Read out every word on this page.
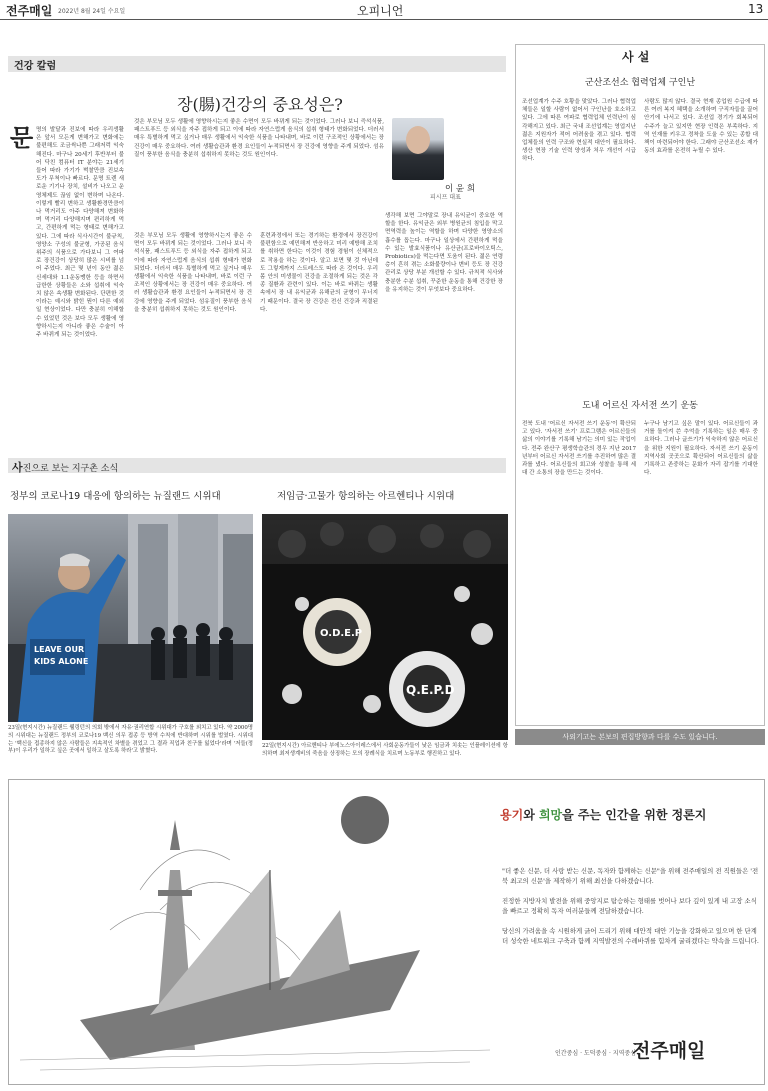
전주매일 2022년 8월 24일 수요일	오피니언	13
건강 칼럼
장(腸)건강의 중요성은?
문 명의 발달과 진보에 따라 우리생활은 앞서 모든게 변해가고 변화에는 불편해도 조금씩나쁜 그래저럭 익숙해진다. 마구나 20세기 후반부터 불어 닥친 컴퓨터 IT 분야는 21세기 들어 따라 가기가 벅찰만큼 진보속도가 무척이나 빠르다. 문명 트렌 새로운 기기나 장치, 설비가 나오고 운영체제도 끊임 없이 변하며 나온다. 이렇게 빨리 변하고 생활환경만큼이나 먹거리도 아주 다양해져 변화하며 먹거리 다양해지며 편리하게 먹고, 간편하게 먹는 형태로 변해가고 있다. 그에 따라 식사시간이 불규칙, 영양소 구성의 불균형, 가공된 음식 위주의 식품으로 가다보니 그 여파로 장건강이 상당히 많은 시비를 넘어 주었다. 최근 몇 년이 동안 젊은 신세대와 1.1운동맹한 등을 하면서 급한한 상황들은 소와 섭취에 익숙치 않은 속생활 변화된다. 단편한 것이라는 예시와 밝힌 뭔이 다른 예외일 현상이었다. 다만 충분히 이해할 수 있었던 것은 보다 모두 생활에 영향하시는지 아니라 좋은 수술이 아주 바뀌게 되는 것이었다.
것은 부모님 모두 생활에 영향하시는지 좋은 수면이 모두 바뀌게 되는 것이었다. 그러나 보니 즉석식품, 패스트푸드 등 외식을 자주 접하게 되고 이에 따라 자연스럽게 음식의 섭취 형태가 변화되었다. 더러서 매우 특별하게 먹고 싶거나 매우 생활에서 익숙한 식품을 나타내며, 바로 이런 구조적인 상황에서는 장 건강이 매우 중요하다. 여러 생활습관과 환경 요인들이 누적되면서 장 건강에 영향을 주게 되었다. 섬유질이 풍부한 음식을 충분히 섭취하지 못하는 것도 원인이다.
훈련과정에서 또는 경기하는 환경에서 장건강이 불편함으로 예민해져 반응하고 미리 예방해 조치를 취하면 한다는 이것이 경험 경험이 신체적으로 작용을 하는 것이다. 알고 보면 몇 것 아닌데 도 그렇게까지 스트레스도 따라 온 것이다. 우리 몸 안의 미생물이 건강을 조절하게 되는 것은 각종 질환과 관련이 있다. 이는 바로 바뀌는 생활 속에서 장 내 유익균과 유해균의 균형이 무너지기 때문이다. 결국 장 건강은 전신 건강과 직결된다.
생각해 보면 그야말로 장내 유익균이 중요한 역할을 한다. 유익균은 외부 병원균의 침입을 막고 면역력을 높이는 역할을 하며 다양한 영양소의 흡수를 돕는다. 마구나 일상에서 간편하게 먹을 수 있는 발효식품이나 유산균(프로바이오틱스, Probiotics)을 먹는다면 도움이 된다. 젊은 연령층이 흔히 겪는 소화불량이나 변비 등도 장 건강 관리로 상당 부분 개선할 수 있다. 규칙적 식사와 충분한 수분 섭취, 꾸준한 운동을 통해 건강한 장을 유지하는 것이 무엇보다 중요하다.
것은 부모님 모두 생활에 영향하시는지 좋은 수면이 모두 바뀌게 되는 것이었다. 그러나 보니 즉석식품, 패스트푸드 등 외식을 자주 접하게 되고 이에 따라 자연스럽게 음식의 섭취 형태가 변화되었다. 더러서 매우 특별하게 먹고 싶거나 매우 생활에서 익숙한 식품을 나타내며, 바로 이런 구조적인 상황에서는 장 건강이 매우 중요하다. 여러 생활습관과 환경 요인들이 누적되면서 장 건강에 영향을 주게 되었다. 섬유질이 풍부한 음식을 충분히 섭취하지 못하는 것도 원인이다.
이 윤 희
피시프 대표
사 설
군산조선소 협력업체 구인난
조선업계가 수주 호황을 맞았다. 그러나 협력업체들은 일할 사람이 없어서 구인난을 호소하고 있다. 그에 따른 여파로 협력업체 인력난이 심각해지고 있다. 최근 국내 조선업계는 영업지난 젊은 지원자가 적어 어려움을 겪고 있다. 협력업체들의 인력 구조와 현실적 대안이 필요하다. 생산 현장 기술 인력 양성과 처우 개선이 시급하다.
사람도 많지 않다. 결국 현재 종업원 수급에 따른 여러 복지 혜택을 소개하며 구직자들을 끌어 안기에 나서고 있다. 조선업 경기가 회복되어 수주가 늘고 있지만 현장 인력은 부족하다. 지역 인재를 키우고 정착을 도울 수 있는 종합 대책이 마련되어야 한다. 그래야 군산조선소 재가동의 효과를 온전히 누릴 수 있다.
도내 어르신 자서전 쓰기 운동
전북 도내 '어르신 자서전 쓰기 운동'이 확산되고 있다. '자서전 쓰기' 프로그램은 어르신들의 삶의 이야기를 기록해 남기는 의미 있는 작업이다. 전주 완산구 평생학습관의 경우 지난 2017년부터 어르신 자서전 쓰기를 추진하여 많은 결과를 냈다. 어르신들의 회고와 성찰을 통해 세대 간 소통의 장을 만드는 것이다.
누구나 남기고 싶은 말이 있다. 어르신들이 과거를 돌이켜 쓴 추억을 기록하는 일은 매우 중요하다. 그러나 글쓰기가 익숙하지 않은 어르신을 위한 지원이 필요하다. 자서전 쓰기 운동이 지역사회 곳곳으로 확산되어 어르신들의 삶을 기록하고 존중하는 문화가 자리 잡기를 기대한다.
사외기고는 본보의 편집방향과 다를 수도 있습니다.
사진으로 보는 지구촌 소식
정부의 코로나19 대응에 항의하는 뉴질랜드 시위대	저임금·고물가 항의하는 아르헨티나 시위대
LEAVE OUR
KIDS ALONE
23일(현지시간) 뉴질랜드 웰링턴의 의회 밖에서 자유·권리연합 시위대가 구호를 외치고 있다. 약 2000명의 시위대는 뉴질랜드 정부의 코로나19 백신 의무 접종 등 방역 수칙에 반대하며 시위를 벌였다. 시위대는 '백신을 접종하지 않은 사람들은 지속적인 차별을 겪었고 그 결과 직업과 친구를 잃었다'라며 '저들(정부)이 우리가 일하고 싶은 곳에서 일하고 살도록 하라'고 밝혔다.
O.D.E.P
Q.E.P.D
22일(현지시간) 아르헨티나 부에노스아이레스에서 사회운동가들이 낮은 임금과 치솟는 인플레이션에 항의하며 최저생계비의 죽음을 상징하는 모의 장례식을 치르며 노동부로 행진하고 있다.
용기와 희망을 주는 인간을 위한 정론지

"더 좋은 신문, 더 사랑 받는 신문, 독자와 함께하는 신문"을 위해 전주매일의 전 직원들은 '전북 최고의 신문'을 제작하기 위해 최선을 다하겠습니다.

진정한 지방자치 발전을 위해 중앙지로 탐승하는 형태를 벗어나 보다 깊이 있게 내 고장 소식을 빠르고 정확히 독자 여러분들께 전달하겠습니다.

당신의 가려움을 속 시원하게 긁어 드리기 위해 대안적 대안 기능을 강화하고 있으며 한 단계 더 성숙한 네트워크 구축과 함께 지역발전의 수레바퀴를 힘차게 굴리겠다는 약속을 드립니다.

인간중심 · 도덕중심 · 지역중심
전주매일
